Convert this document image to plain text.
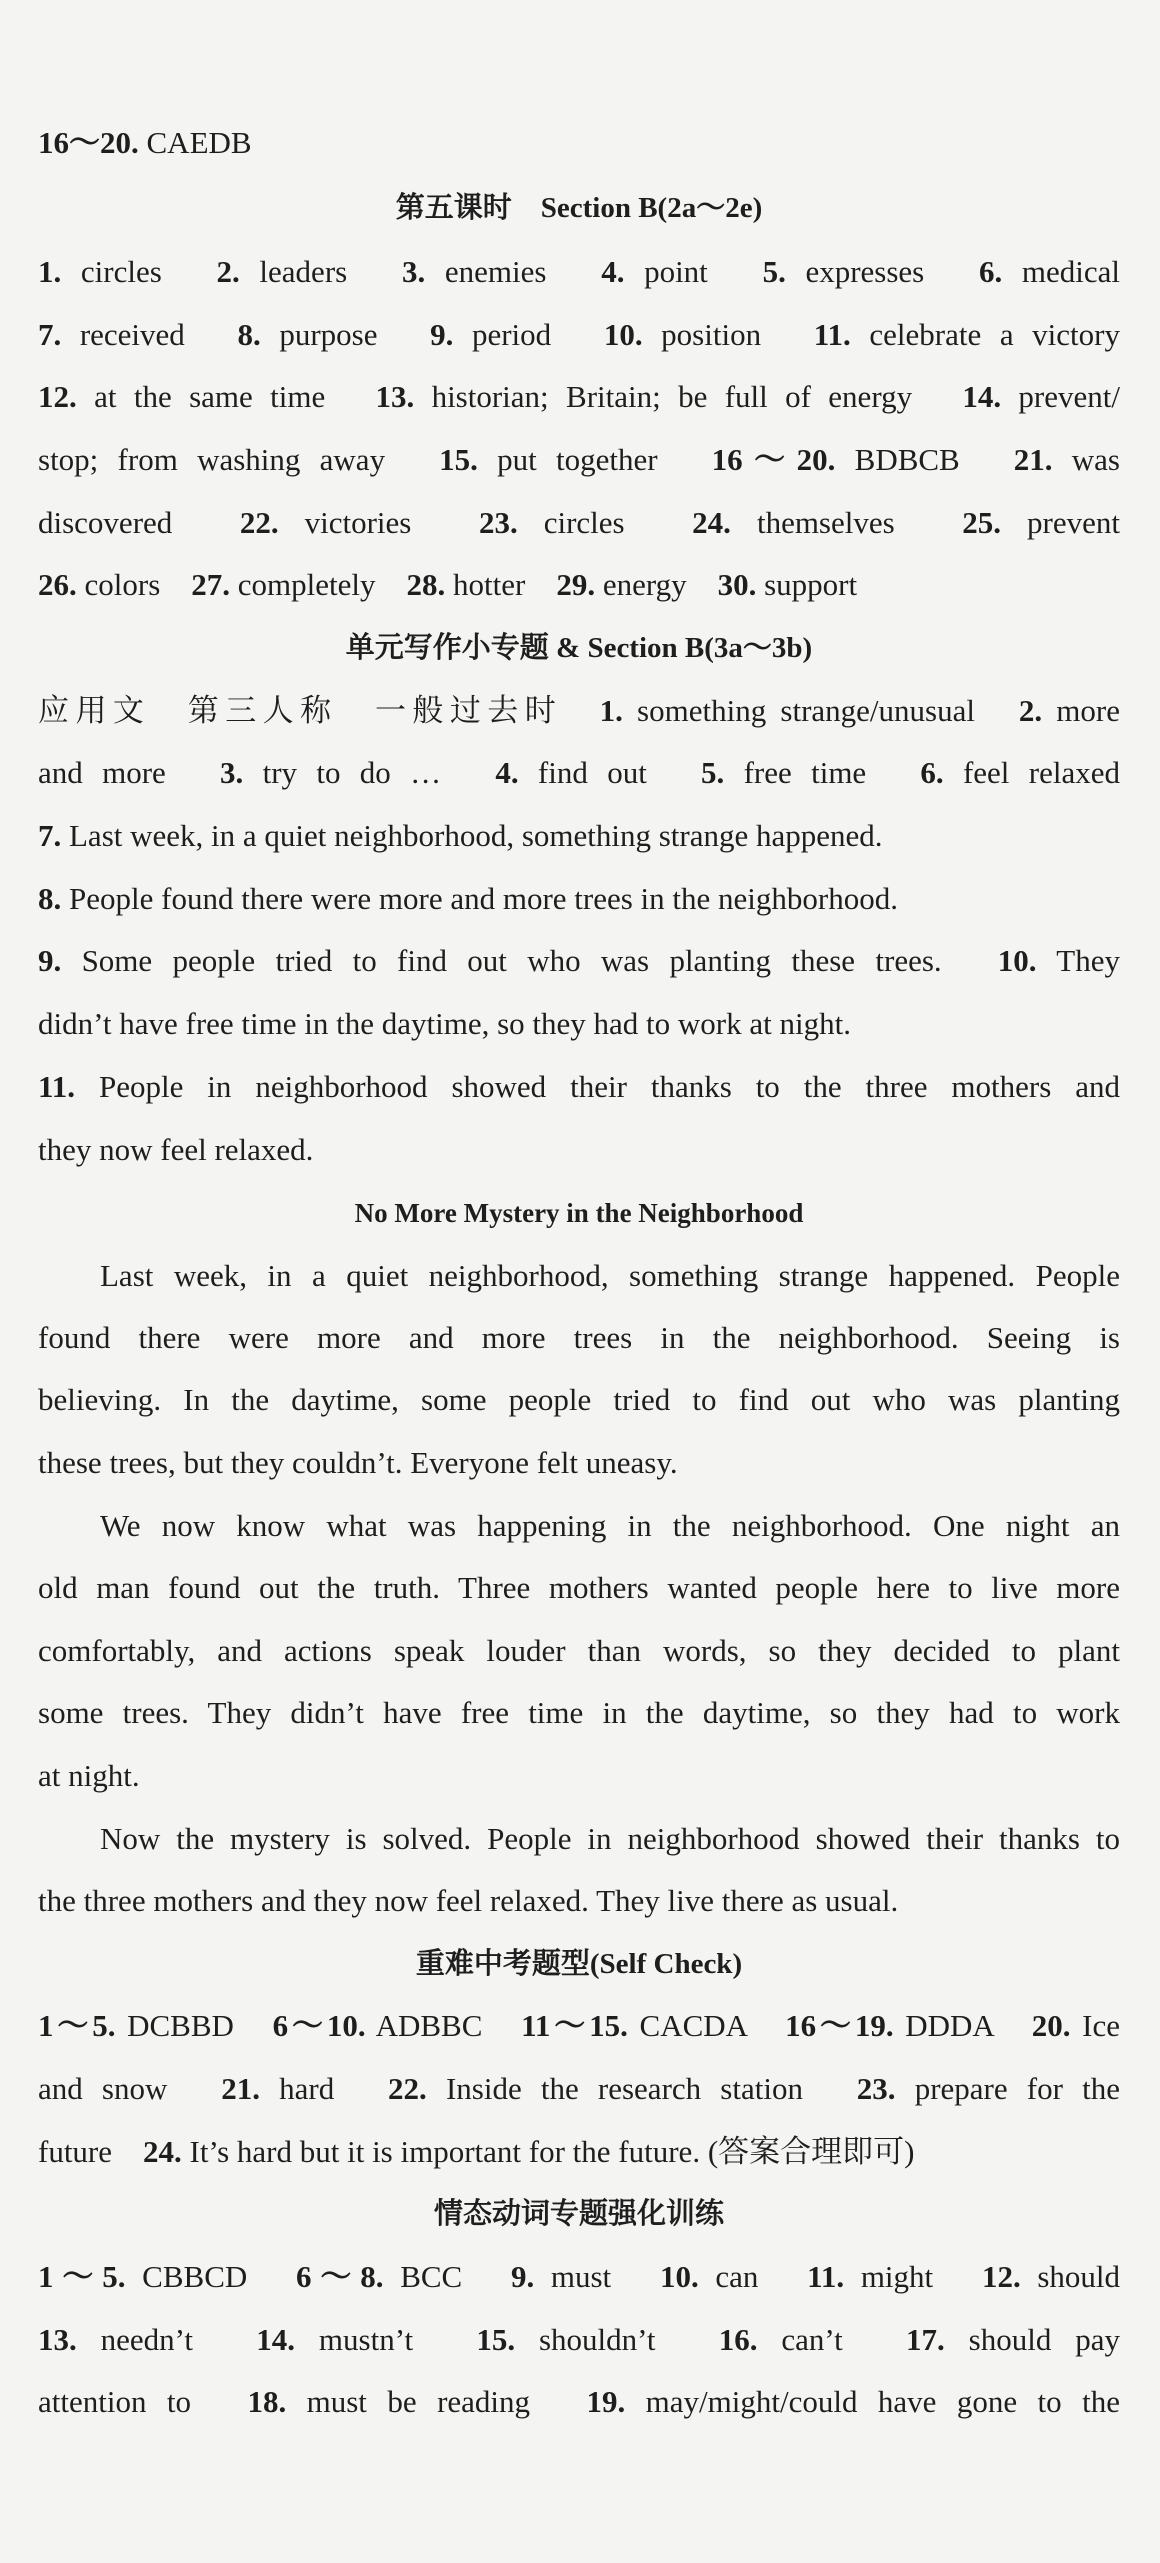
16～20. CAEDB
第五课时　Section B(2a～2e)
1. circles　2. leaders　3. enemies　4. point　5. expresses　6. medical
7. received　8. purpose　9. period　10. position　11. celebrate a victory
12. at the same time　13. historian; Britain; be full of energy　14. prevent/
stop; from washing away　15. put together　16～20. BDBCB　21. was
discovered　22. victories　23. circles　24. themselves　25. prevent
26. colors　27. completely　28. hotter　29. energy　30. support
单元写作小专题 & Section B(3a～3b)
应用文　第三人称　一般过去时　1. something strange/unusual　2. more
and more　3. try to do …　4. find out　5. free time　6. feel relaxed
7. Last week, in a quiet neighborhood, something strange happened.
8. People found there were more and more trees in the neighborhood.
9. Some people tried to find out who was planting these trees.　10. They
didn’t have free time in the daytime, so they had to work at night.
11. People in neighborhood showed their thanks to the three mothers and
they now feel relaxed.
No More Mystery in the Neighborhood
Last week, in a quiet neighborhood, something strange happened. People
found there were more and more trees in the neighborhood. Seeing is
believing. In the daytime, some people tried to find out who was planting
these trees, but they couldn’t. Everyone felt uneasy.
We now know what was happening in the neighborhood. One night an
old man found out the truth. Three mothers wanted people here to live more
comfortably, and actions speak louder than words, so they decided to plant
some trees. They didn’t have free time in the daytime, so they had to work
at night.
Now the mystery is solved. People in neighborhood showed their thanks to
the three mothers and they now feel relaxed. They live there as usual.
重难中考题型(Self Check)
1～5. DCBBD　6～10. ADBBC　11～15. CACDA　16～19. DDDA　20. Ice
and snow　21. hard　22. Inside the research station　23. prepare for the
future　24. It’s hard but it is important for the future. (答案合理即可)
情态动词专题强化训练
1～5. CBBCD　6～8. BCC　9. must　10. can　11. might　12. should
13. needn’t　14. mustn’t　15. shouldn’t　16. can’t　17. should pay
attention to　18. must be reading　19. may/might/could have gone to the
